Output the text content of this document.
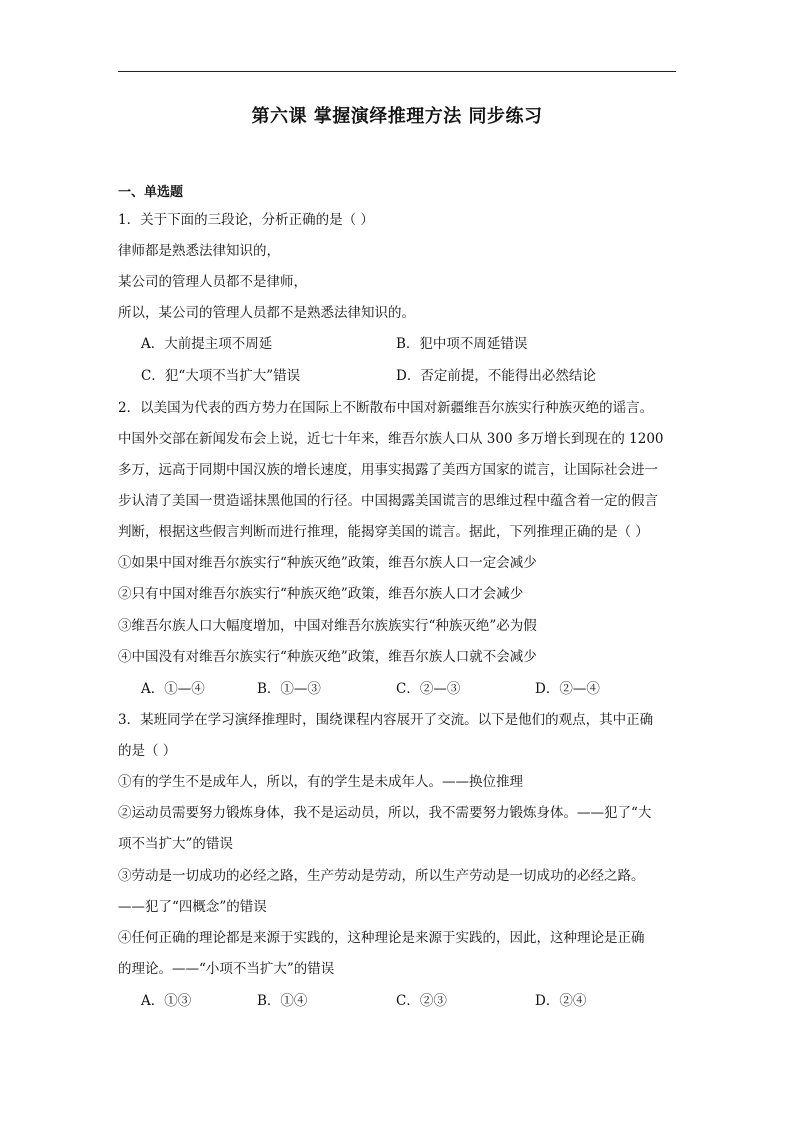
第六课 掌握演绎推理方法 同步练习
一、单选题
1．关于下面的三段论，分析正确的是（ ）
律师都是熟悉法律知识的，
某公司的管理人员都不是律师，
所以，某公司的管理人员都不是熟悉法律知识的。
A．大前提主项不周延	B．犯中项不周延错误
C．犯“大项不当扩大”错误	D．否定前提，不能得出必然结论
2．以美国为代表的西方势力在国际上不断散布中国对新疆维吾尔族实行种族灭绝的谣言。
中国外交部在新闻发布会上说，近七十年来，维吾尔族人口从 300 多万增长到现在的 1200
多万，远高于同期中国汉族的增长速度，用事实揭露了美西方国家的谎言，让国际社会进一
步认清了美国一贯造谣抹黑他国的行径。中国揭露美国谎言的思维过程中蕴含着一定的假言
判断，根据这些假言判断而进行推理，能揭穿美国的谎言。据此，下列推理正确的是（ ）
①如果中国对维吾尔族实行“种族灭绝”政策，维吾尔族人口一定会减少
②只有中国对维吾尔族实行“种族灭绝”政策，维吾尔族人口才会减少
③维吾尔族人口大幅度增加，中国对维吾尔族族实行“种族灭绝”必为假
④中国没有对维吾尔族实行“种族灭绝”政策，维吾尔族人口就不会减少
A．①—④	B．①—③	C．②—③	D．②—④
3．某班同学在学习演绎推理时，围绕课程内容展开了交流。以下是他们的观点，其中正确
的是（ ）
①有的学生不是成年人，所以，有的学生是未成年人。——换位推理
②运动员需要努力锻炼身体，我不是运动员，所以，我不需要努力锻炼身体。——犯了“大
项不当扩大”的错误
③劳动是一切成功的必经之路，生产劳动是劳动，所以生产劳动是一切成功的必经之路。
——犯了“四概念”的错误
④任何正确的理论都是来源于实践的，这种理论是来源于实践的，因此，这种理论是正确
的理论。——“小项不当扩大”的错误
A．①③	B．①④	C．②③	D．②④
